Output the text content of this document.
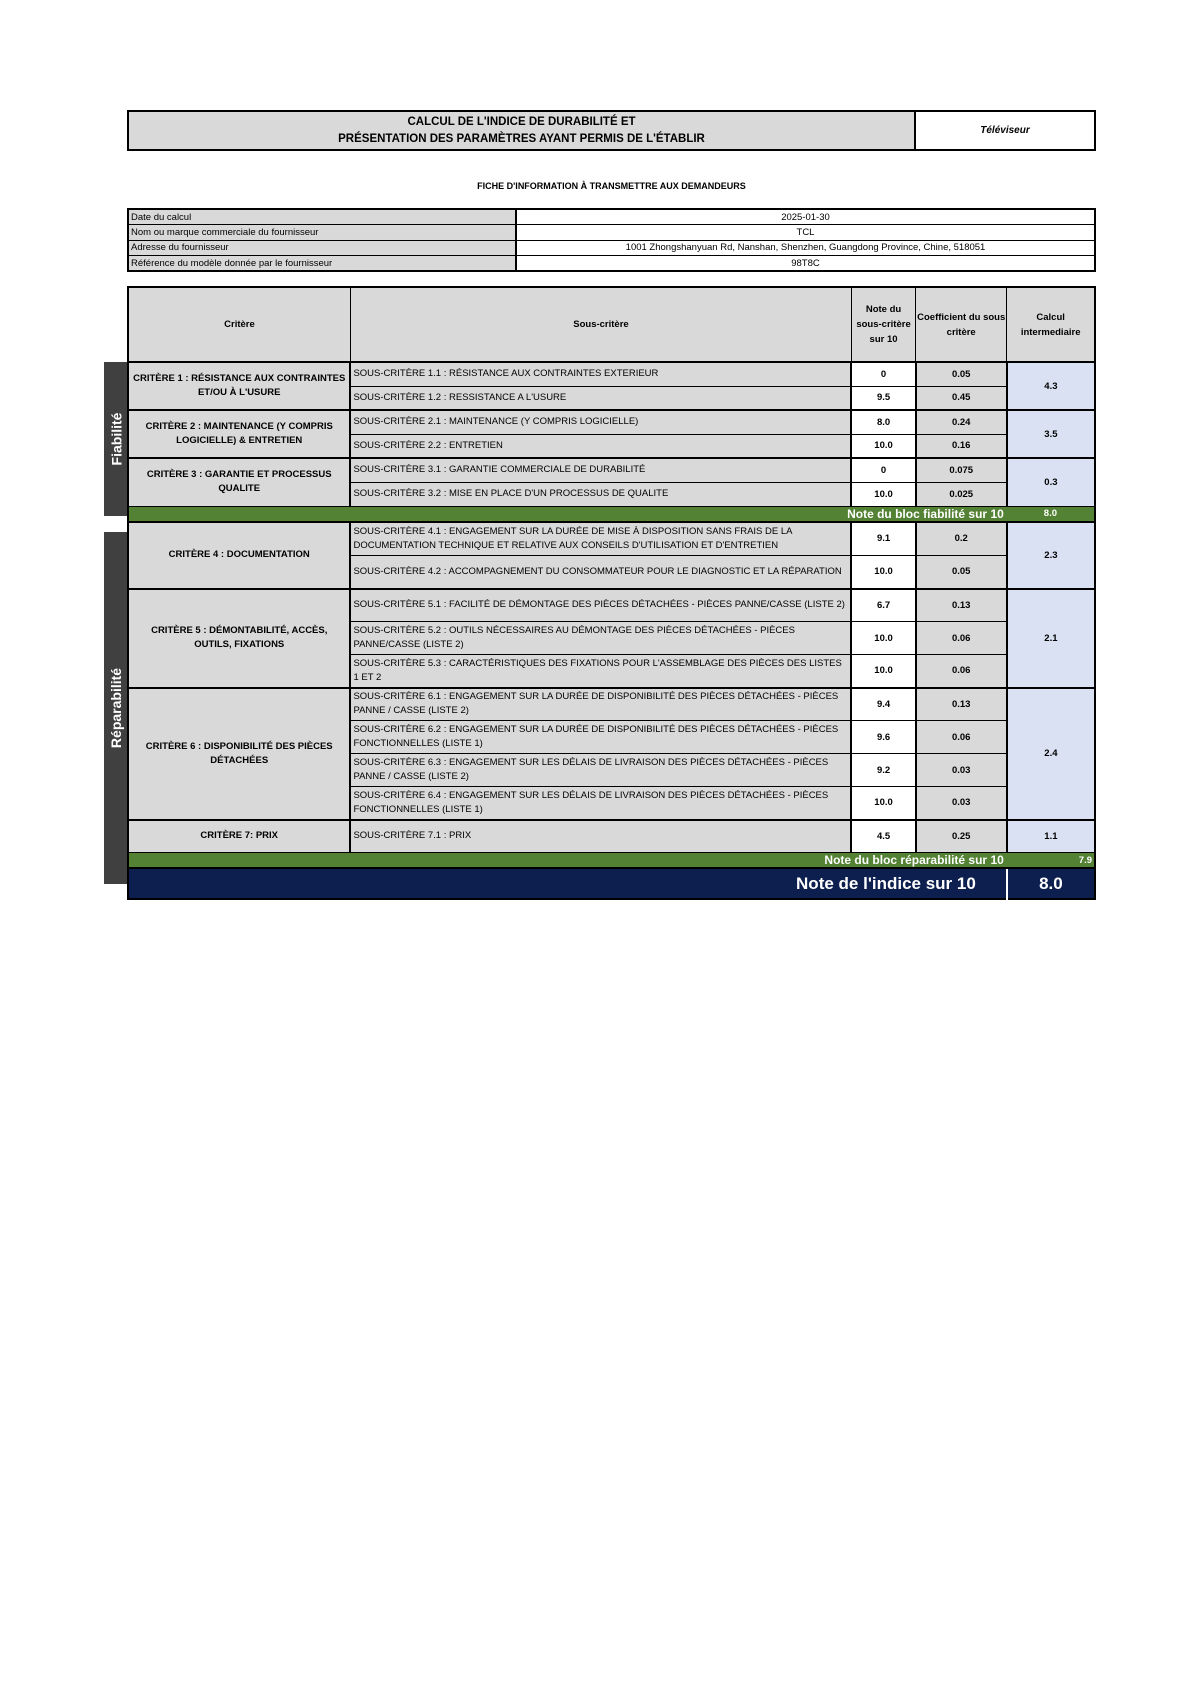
CALCUL DE L'INDICE DE DURABILITÉ ET
PRÉSENTATION DES PARAMÈTRES AYANT PERMIS DE L'ÉTABLIR
Téléviseur
FICHE D'INFORMATION À TRANSMETTRE AUX DEMANDEURS
Date du calcul	2025-01-30
Nom ou marque commerciale du fournisseur	TCL
Adresse du fournisseur	1001 Zhongshanyuan Rd, Nanshan, Shenzhen, Guangdong Province, Chine, 518051
Référence du modèle donnée par le fournisseur	98T8C
Fiabilité
Réparabilité
Critère	Sous-critère	Note du sous-critère sur 10	Coefficient du sous critère	Calcul intermediaire
CRITÈRE 1 : RÉSISTANCE AUX CONTRAINTES ET/OU À L'USURE	SOUS-CRITÈRE 1.1 : RÉSISTANCE AUX CONTRAINTES EXTERIEUR	0	0.05	4.3
	SOUS-CRITÈRE 1.2 : RESSISTANCE A L'USURE	9.5	0.45	
CRITÈRE 2 : MAINTENANCE (Y COMPRIS LOGICIELLE) & ENTRETIEN	SOUS-CRITÈRE 2.1 : MAINTENANCE (Y COMPRIS LOGICIELLE)	8.0	0.24	3.5
	SOUS-CRITÈRE 2.2 : ENTRETIEN	10.0	0.16	
CRITÈRE 3 : GARANTIE ET PROCESSUS QUALITE	SOUS-CRITÈRE 3.1 : GARANTIE COMMERCIALE DE DURABILITÉ	0	0.075	0.3
	SOUS-CRITÈRE 3.2 : MISE EN PLACE D'UN PROCESSUS DE QUALITE	10.0	0.025	
Note du bloc fiabilité sur 10				8.0
CRITÈRE 4 : DOCUMENTATION	SOUS-CRITÈRE 4.1 : ENGAGEMENT SUR LA DURÉE DE MISE À DISPOSITION SANS FRAIS DE LA DOCUMENTATION TECHNIQUE ET RELATIVE AUX CONSEILS D'UTILISATION ET D'ENTRETIEN	9.1	0.2	2.3
	SOUS-CRITÈRE 4.2 : ACCOMPAGNEMENT DU CONSOMMATEUR POUR LE DIAGNOSTIC ET LA RÉPARATION	10.0	0.05	
CRITÈRE 5 : DÉMONTABILITÉ, ACCÈS, OUTILS, FIXATIONS	SOUS-CRITÈRE 5.1 : FACILITÉ DE DÉMONTAGE DES PIÈCES DÉTACHÉES - PIÈCES PANNE/CASSE (LISTE 2)	6.7	0.13	2.1
	SOUS-CRITÈRE 5.2 : OUTILS NÉCESSAIRES AU DÉMONTAGE DES PIÈCES DÉTACHÉES - PIÈCES PANNE/CASSE (LISTE 2)	10.0	0.06	
	SOUS-CRITÈRE 5.3 : CARACTÉRISTIQUES DES FIXATIONS POUR L'ASSEMBLAGE DES PIÈCES DES LISTES 1 ET 2	10.0	0.06	
CRITÈRE 6 : DISPONIBILITÉ DES PIÈCES DÉTACHÉES	SOUS-CRITÈRE 6.1 : ENGAGEMENT SUR LA DURÉE DE DISPONIBILITÉ DES PIÈCES DÉTACHÉES - PIÈCES PANNE / CASSE (LISTE 2)	9.4	0.13	2.4
	SOUS-CRITÈRE 6.2 : ENGAGEMENT SUR LA DURÉE DE DISPONIBILITÉ DES PIÈCES DÉTACHÉES - PIÈCES FONCTIONNELLES (LISTE 1)	9.6	0.06	
	SOUS-CRITÈRE 6.3 : ENGAGEMENT SUR LES DÉLAIS DE LIVRAISON DES PIÈCES DÉTACHÉES - PIÈCES PANNE / CASSE (LISTE 2)	9.2	0.03	
	SOUS-CRITÈRE 6.4 : ENGAGEMENT SUR LES DÉLAIS DE LIVRAISON DES PIÈCES DÉTACHÉES - PIÈCES FONCTIONNELLES (LISTE 1)	10.0	0.03	
CRITÈRE 7: PRIX	SOUS-CRITÈRE 7.1 : PRIX	4.5	0.25	1.1
Note du bloc réparabilité sur 10				7.9
Note de l'indice sur 10				8.0
